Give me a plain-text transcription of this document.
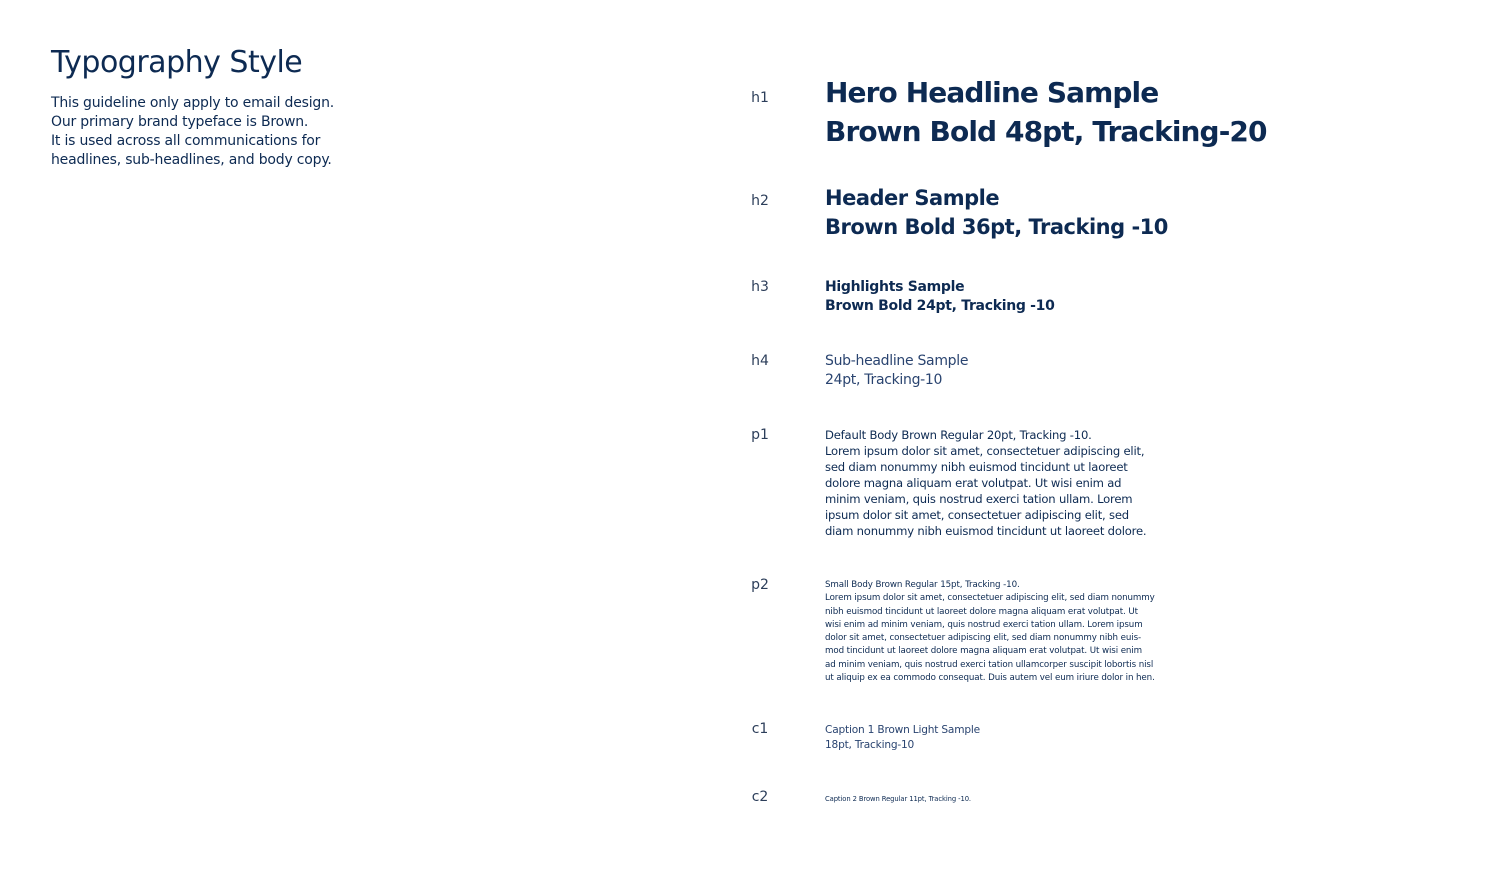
Typography Style

This guideline only apply to email design.
Our primary brand typeface is Brown.
It is used across all communications for
headlines, sub-headlines, and body copy.

h1	Hero Headline Sample
Brown Bold 48pt, Tracking-20
h2	Header Sample
Brown Bold 36pt, Tracking -10
h3	Highlights Sample
Brown Bold 24pt, Tracking -10
h4	Sub-headline Sample
24pt, Tracking-10
p1	Default Body Brown Regular 20pt, Tracking -10.
Lorem ipsum dolor sit amet, consectetuer adipiscing elit,
sed diam nonummy nibh euismod tincidunt ut laoreet
dolore magna aliquam erat volutpat. Ut wisi enim ad
minim veniam, quis nostrud exerci tation ullam. Lorem
ipsum dolor sit amet, consectetuer adipiscing elit, sed
diam nonummy nibh euismod tincidunt ut laoreet dolore.
p2	Small Body Brown Regular 15pt, Tracking -10.
Lorem ipsum dolor sit amet, consectetuer adipiscing elit, sed diam nonummy
nibh euismod tincidunt ut laoreet dolore magna aliquam erat volutpat. Ut
wisi enim ad minim veniam, quis nostrud exerci tation ullam. Lorem ipsum
dolor sit amet, consectetuer adipiscing elit, sed diam nonummy nibh euis-
mod tincidunt ut laoreet dolore magna aliquam erat volutpat. Ut wisi enim
ad minim veniam, quis nostrud exerci tation ullamcorper suscipit lobortis nisl
ut aliquip ex ea commodo consequat. Duis autem vel eum iriure dolor in hen.
c1	Caption 1 Brown Light Sample
18pt, Tracking-10
c2	Caption 2 Brown Regular 11pt, Tracking -10.
